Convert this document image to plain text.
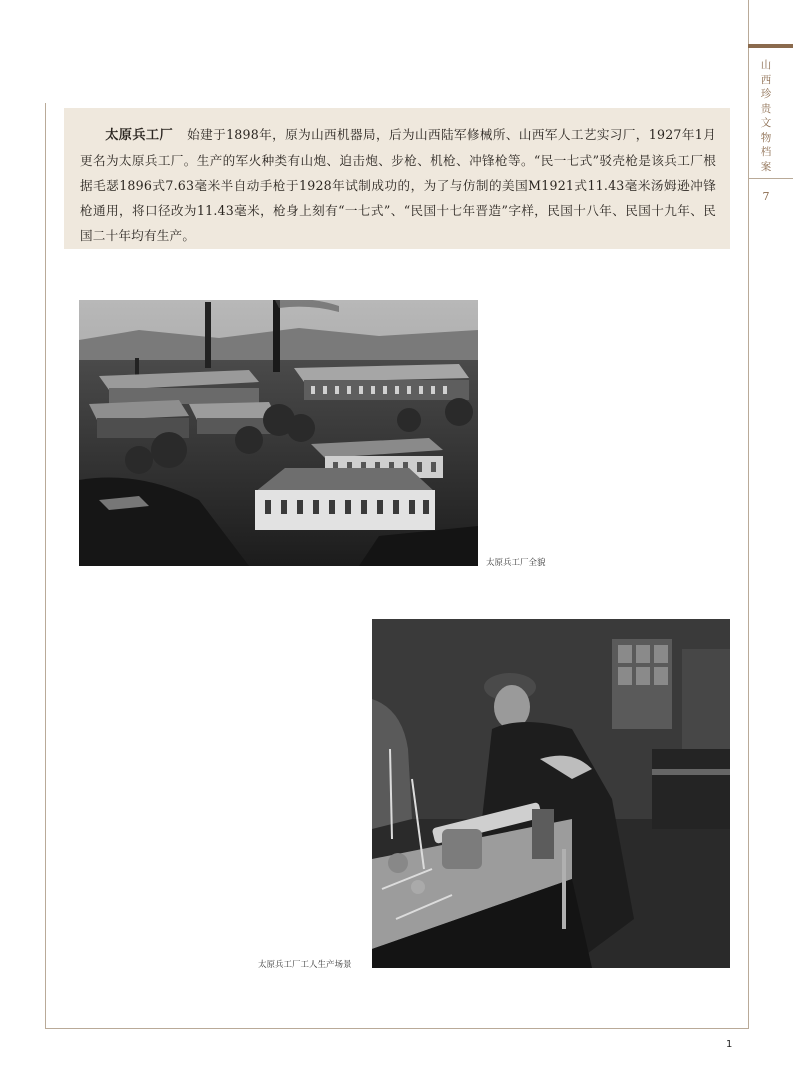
山西珍贵文物档案
7

太原兵工厂 始建于1898年，原为山西机器局，后为山西陆军修械所、山西军人工艺实习厂，1927年1月更名为太原兵工厂。生产的军火种类有山炮、迫击炮、步枪、机枪、冲锋枪等。“民一七式”驳壳枪是该兵工厂根据毛瑟1896式7.63毫米半自动手枪于1928年试制成功的，为了与仿制的美国M1921式11.43毫米汤姆逊冲锋枪通用，将口径改为11.43毫米，枪身上刻有“一七式”、“民国十七年晋造”字样，民国十八年、民国十九年、民国二十年均有生产。

太原兵工厂全貌
太原兵工厂工人生产场景
1
